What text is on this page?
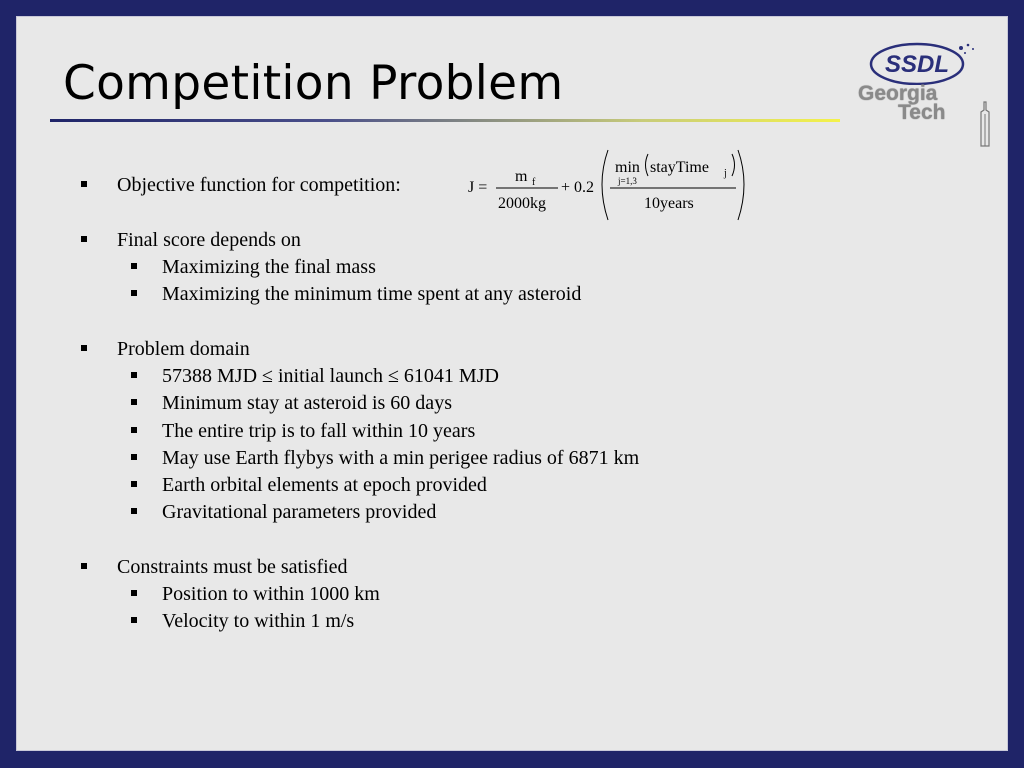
Competition Problem	SSDL
Georgia
Tech
Objective function for competition:
Final score depends on
Maximizing the final mass
Maximizing the minimum time spent at any asteroid
Problem domain
57388 MJD ≤ initial launch ≤ 61041 MJD
Minimum stay at asteroid is 60 days
The entire trip is to fall within 10 years
May use Earth flybys with a min perigee radius of 6871 km
Earth orbital elements at epoch provided
Gravitational parameters provided
Constraints must be satisfied
Position to within 1000 km
Velocity to within 1 m/s
J =
m f
2000kg
+ 0.2
min stayTime j
j=1,3
10years
